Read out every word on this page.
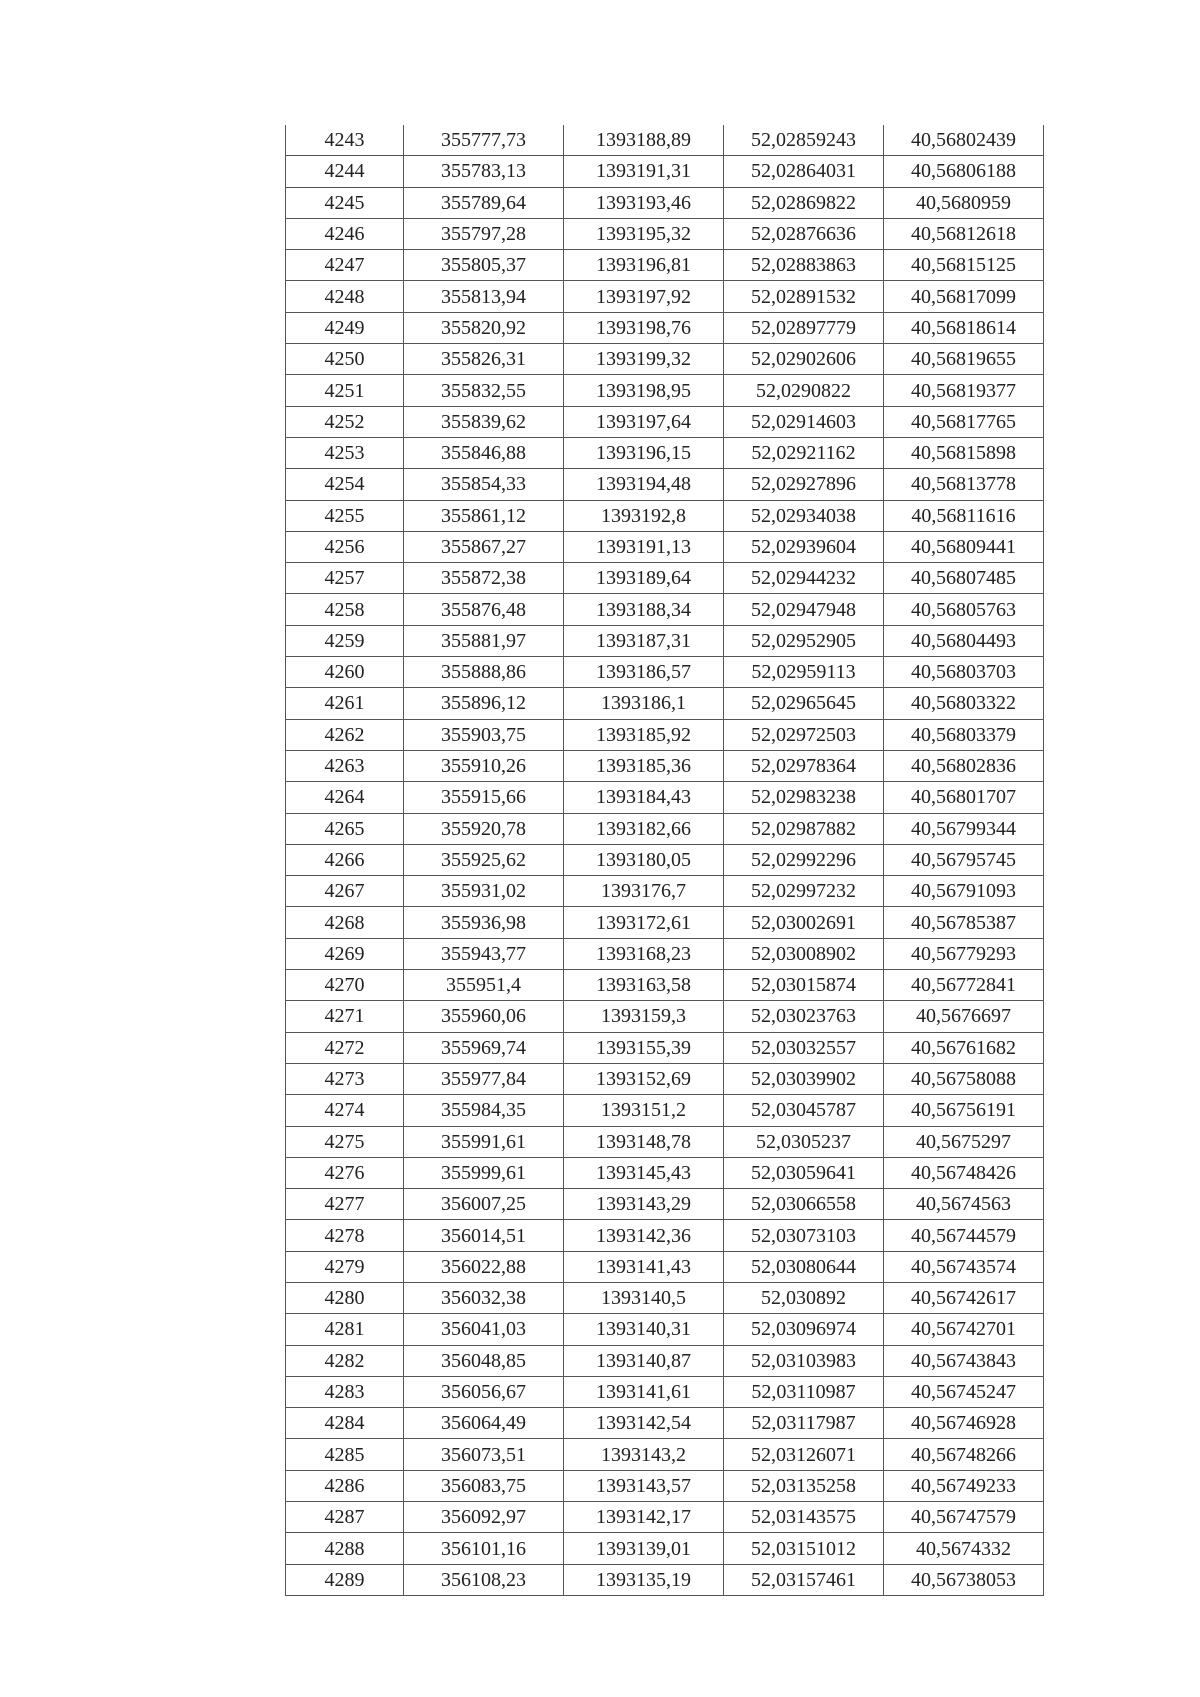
4243	355777,73	1393188,89	52,02859243	40,56802439
4244	355783,13	1393191,31	52,02864031	40,56806188
4245	355789,64	1393193,46	52,02869822	40,5680959
4246	355797,28	1393195,32	52,02876636	40,56812618
4247	355805,37	1393196,81	52,02883863	40,56815125
4248	355813,94	1393197,92	52,02891532	40,56817099
4249	355820,92	1393198,76	52,02897779	40,56818614
4250	355826,31	1393199,32	52,02902606	40,56819655
4251	355832,55	1393198,95	52,0290822	40,56819377
4252	355839,62	1393197,64	52,02914603	40,56817765
4253	355846,88	1393196,15	52,02921162	40,56815898
4254	355854,33	1393194,48	52,02927896	40,56813778
4255	355861,12	1393192,8	52,02934038	40,56811616
4256	355867,27	1393191,13	52,02939604	40,56809441
4257	355872,38	1393189,64	52,02944232	40,56807485
4258	355876,48	1393188,34	52,02947948	40,56805763
4259	355881,97	1393187,31	52,02952905	40,56804493
4260	355888,86	1393186,57	52,02959113	40,56803703
4261	355896,12	1393186,1	52,02965645	40,56803322
4262	355903,75	1393185,92	52,02972503	40,56803379
4263	355910,26	1393185,36	52,02978364	40,56802836
4264	355915,66	1393184,43	52,02983238	40,56801707
4265	355920,78	1393182,66	52,02987882	40,56799344
4266	355925,62	1393180,05	52,02992296	40,56795745
4267	355931,02	1393176,7	52,02997232	40,56791093
4268	355936,98	1393172,61	52,03002691	40,56785387
4269	355943,77	1393168,23	52,03008902	40,56779293
4270	355951,4	1393163,58	52,03015874	40,56772841
4271	355960,06	1393159,3	52,03023763	40,5676697
4272	355969,74	1393155,39	52,03032557	40,56761682
4273	355977,84	1393152,69	52,03039902	40,56758088
4274	355984,35	1393151,2	52,03045787	40,56756191
4275	355991,61	1393148,78	52,0305237	40,5675297
4276	355999,61	1393145,43	52,03059641	40,56748426
4277	356007,25	1393143,29	52,03066558	40,5674563
4278	356014,51	1393142,36	52,03073103	40,56744579
4279	356022,88	1393141,43	52,03080644	40,56743574
4280	356032,38	1393140,5	52,030892	40,56742617
4281	356041,03	1393140,31	52,03096974	40,56742701
4282	356048,85	1393140,87	52,03103983	40,56743843
4283	356056,67	1393141,61	52,03110987	40,56745247
4284	356064,49	1393142,54	52,03117987	40,56746928
4285	356073,51	1393143,2	52,03126071	40,56748266
4286	356083,75	1393143,57	52,03135258	40,56749233
4287	356092,97	1393142,17	52,03143575	40,56747579
4288	356101,16	1393139,01	52,03151012	40,5674332
4289	356108,23	1393135,19	52,03157461	40,56738053
